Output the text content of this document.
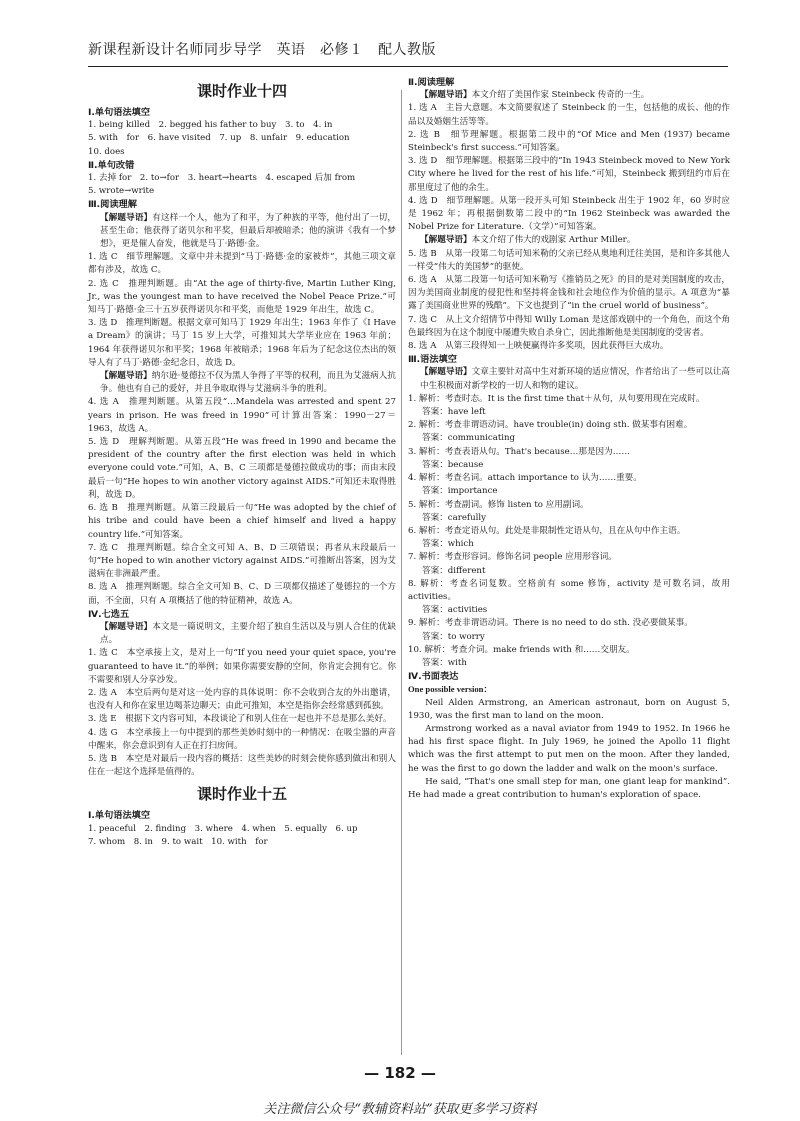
新课程新设计名师同步导学　英语　必修１　配人教版
课时作业十四

Ⅰ.单句语法填空

1. being killed　2. begged his father to buy　3. to　4. in

5. with　for　6. have visited　7. up　8. unfair　9. education

10. does

Ⅱ.单句改错

1. 去掉 for　2. to→for　3. heart→hearts　4. escaped 后加 from

5. wrote→write

Ⅲ.阅读理解

【解题导语】有这样一个人，他为了和平，为了种族的平等，他付出了一切，甚至生命；他获得了诺贝尔和平奖，但最后却被暗杀；他的演讲《我有一个梦想》，更是催人奋发，他就是马丁·路德·金。

1. 选 C　细节理解题。文章中并未提到“马丁·路德·金的家被炸”，其他三项文章都有涉及，故选 C。

2. 选 C　推理判断题。由“At the age of thirty-five, Martin Luther King, Jr., was the youngest man to have received the Nobel Peace Prize.”可知马丁·路德·金三十五岁获得诺贝尔和平奖，而他是 1929 年出生，故选 C。

3. 选 D　推理判断题。根据文章可知马丁 1929 年出生；1963 年作了《I Have a Dream》的演讲；马丁 15 岁上大学，可推知其大学毕业应在 1963 年前；1964 年获得诺贝尔和平奖；1968 年被暗杀；1968 年后为了纪念这位杰出的领导人有了马丁·路德·金纪念日，故选 D。

【解题导语】纳尔逊·曼德拉不仅为黑人争得了平等的权利，而且为艾滋病人抗争。他也有自己的爱好，并且争取取得与艾滋病斗争的胜利。

4. 选 A　推理判断题。从第五段“…Mandela was arrested and spent 27 years in prison. He was freed in 1990”可计算出答案：1990－27＝1963，故选 A。

5. 选 D　理解判断题。从第五段“He was freed in 1990 and became the president of the country after the first election was held in which everyone could vote.”可知，A、B、C 三项都是曼德拉做成功的事；而由末段最后一句“He hopes to win another victory against AIDS.”可知还未取得胜利，故选 D。

6. 选 B　推理判断题。从第三段最后一句“He was adopted by the chief of his tribe and could have been a chief himself and lived a happy country life.”可知答案。

7. 选 C　推理判断题。综合全文可知 A、B、D 三项错误；再者从末段最后一句“He hoped to win another victory against AIDS.”可推断出答案，因为艾滋病在非洲最严重。

8. 选 A　推理判断题。综合全文可知 B、C、D 三项都仅描述了曼德拉的一个方面，不全面，只有 A 项概括了他的特征精神，故选 A。

Ⅳ.七选五

【解题导语】本文是一篇说明文，主要介绍了独自生活以及与别人合住的优缺点。

1. 选 C　本空承接上文，是对上一句“If you need your quiet space, you're guaranteed to have it.”的举例；如果你需要安静的空间，你肯定会拥有它。你不需要和别人分享沙发。

2. 选 A　本空后两句是对这一处内容的具体说明：你不会收到合友的外出邀请，也没有人和你在家里边喝茶边聊天；由此可推知，本空是指你会经常感到孤独。

3. 选 E　根据下文内容可知，本段谈论了和别人住在一起也并不总是那么美好。

4. 选 G　本空承接上一句中提到的那些美妙时刻中的一种情况：在吸尘器的声音中醒来，你会意识到有人正在打扫房间。

5. 选 B　本空是对最后一段内容的概括：这些美妙的时刻会使你感到做出和别人住在一起这个选择是值得的。

课时作业十五

Ⅰ.单句语法填空

1. peaceful　2. finding　3. where　4. when　5. equally　6. up

7. whom　8. in　9. to wait　10. with　for

Ⅱ.阅读理解

【解题导语】本文介绍了美国作家 Steinbeck 传奇的一生。

1. 选 A　主旨大意题。本文简要叙述了 Steinbeck 的一生，包括他的成长、他的作品以及婚姻生活等等。

2. 选 B　细节理解题。根据第二段中的“Of Mice and Men (1937) became Steinbeck's first success.”可知答案。

3. 选 D　细节理解题。根据第三段中的“In 1943 Steinbeck moved to New York City where he lived for the rest of his life.”可知，Steinbeck 搬到纽约市后在那里度过了他的余生。

4. 选 D　细节理解题。从第一段开头可知 Steinbeck 出生于 1902 年，60 岁时应是 1962 年；再根据倒数第二段中的“In 1962 Steinbeck was awarded the Nobel Prize for Literature.（文学）”可知答案。

【解题导语】本文介绍了伟大的戏剧家 Arthur Miller。

5. 选 B　从第一段第二句话可知米勒的父亲已经从奥地利迁往美国，是和许多其他人一样受“伟大的美国梦”的驱使。

6. 选 A　从第二段第一句话可知米勒写《推销员之死》的目的是对美国制度的攻击，因为美国商业制度的侵犯性和坚持将金钱和社会地位作为价值的显示。A 项意为“暴露了美国商业世界的残酷”。下文也提到了“in the cruel world of business”。

7. 选 C　从上文介绍情节中得知 Willy Loman 是这部戏剧中的一个角色，而这个角色最终因为在这个制度中屡遭失败自杀身亡，因此推断他是美国制度的受害者。

8. 选 A　从第三段得知一上映便赢得许多奖项，因此获得巨大成功。

Ⅲ.语法填空

【解题导语】文章主要针对高中生对新环境的适应情况，作者给出了一些可以让高中生积极面对新学校的一切人和物的建议。

1. 解析：考查时态。It is the first time that＋从句，从句要用现在完成时。

答案：have left

2. 解析：考查非谓语动词。have trouble(in) doing sth. 做某事有困难。

答案：communicating

3. 解析：考查表语从句。That's because…那是因为……

答案：because

4. 解析：考查名词。attach importance to 认为……重要。

答案：importance

5. 解析：考查副词。修饰 listen to 应用副词。

答案：carefully

6. 解析：考查定语从句。此处是非限制性定语从句，且在从句中作主语。

答案：which

7. 解析：考查形容词。修饰名词 people 应用形容词。

答案：different

8. 解析：考查名词复数。空格前有 some 修饰，activity 是可数名词，故用 activities。

答案：activities

9. 解析：考查非谓语动词。There is no need to do sth. 没必要做某事。

答案：to worry

10. 解析：考查介词。make friends with 和……交朋友。

答案：with

Ⅳ.书面表达

One possible version：

Neil Alden Armstrong, an American astronaut, born on August 5, 1930, was the first man to land on the moon.

Armstrong worked as a naval aviator from 1949 to 1952. In 1966 he had his first space flight. In July 1969, he joined the Apollo 11 flight which was the first attempt to put men on the moon. After they landed, he was the first to go down the ladder and walk on the moon's surface.

He said, “That's one small step for man, one giant leap for mankind”. He had made a great contribution to human's exploration of space.

— 182 —
关注微信公众号“教辅资料站”获取更多学习资料
